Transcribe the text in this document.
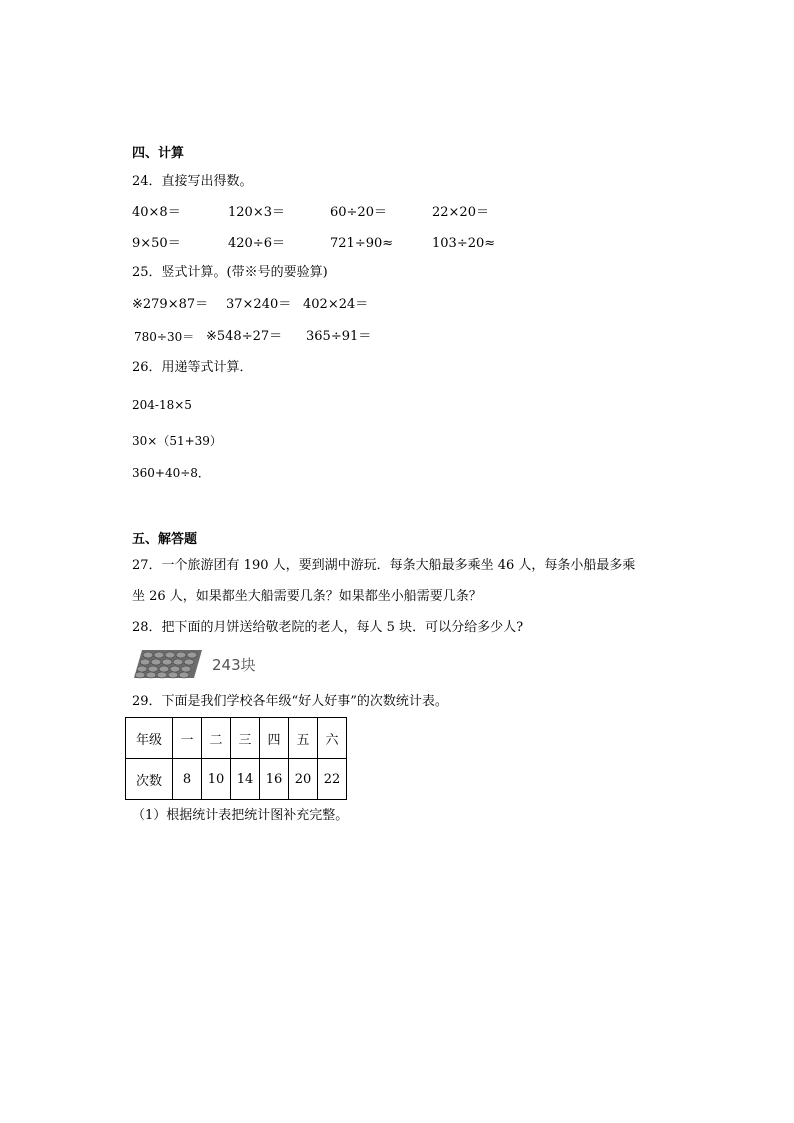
四、计算
24．直接写出得数。
40×8＝	120×3＝	60÷20＝	22×20＝
9×50＝	420÷6＝	721÷90≈	103÷20≈
25．竖式计算。(带※号的要验算)
※279×87＝ 37×240＝ 402×24＝
780÷30＝ ※548÷27＝ 365÷91＝
26．用递等式计算．
204-18×5
30×（51+39）
360+40÷8．
五、解答题
27．一个旅游团有 190 人，要到湖中游玩．每条大船最多乘坐 46 人，每条小船最多乘
坐 26 人，如果都坐大船需要几条？如果都坐小船需要几条？
28．把下面的月饼送给敬老院的老人，每人 5 块．可以分给多少人?
243块
29．下面是我们学校各年级“好人好事”的次数统计表。
年级	一	二	三	四	五	六
次数	8	10	14	16	20	22
（1）根据统计表把统计图补充完整。
